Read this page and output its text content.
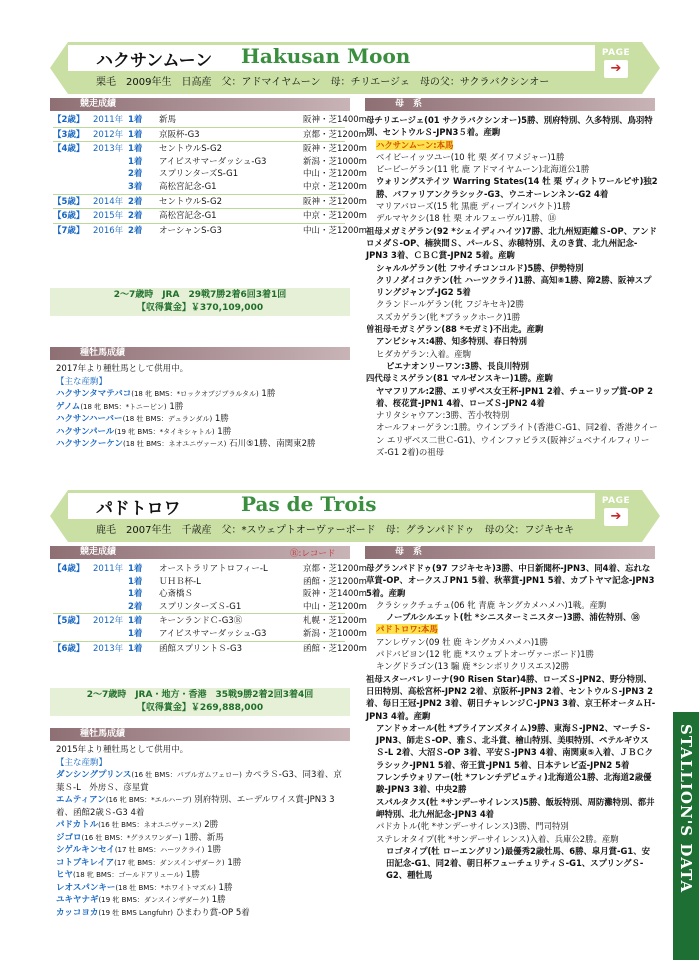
ハクサンムーン Hakusan Moon
栗毛　2009年生　日高産 父：アドマイヤムーン 母：チリエージェ 母の父：サクラバクシンオー
PAGE
➔
競走成績
【2歳】 2011年 1着 新馬	阪神・芝1400m
【3歳】 2012年 1着 京阪杯-G3	京都・芝1200m
【4歳】 2013年 1着 セントウルS-G2	阪神・芝1200m
1着 アイビスサマーダッシュ-G3	新潟・芝1000m
2着 スプリンターズS-G1	中山・芝1200m
3着 高松宮記念-G1	中京・芝1200m
【5歳】 2014年 2着 セントウルS-G2	阪神・芝1200m
【6歳】 2015年 2着 高松宮記念-G1	中京・芝1200m
【7歳】 2016年 2着 オーシャンS-G3	中山・芝1200m
2～7歳時　JRA　29戦7勝2着6回3着1回
【収得賞金】￥370,109,000
種牡馬成績
2017年より種牡馬として供用中。
【主な産駒】
ハクサンタマテバコ(18 牝 BMS：*ロックオブジブラルタル) 1勝
ゲノム(18 牝 BMS：*トニービン) 1勝
ハクサンハーバー(18 牡 BMS：デュランダル) 1勝
ハクサンパール(19 牝 BMS：*タイキシャトル) 1勝
ハクサンクーケン(18 牡 BMS：ネオユニヴァース) 石川⑤1勝、南関東2勝
母　系
母チリエージェ(01 サクラバクシンオー)5勝、別府特別、久多特別、鳥羽特別、セントウルＳ-JPN3５着。産駒
ハクサンムーン:本馬
ベイビーイッツユー(10 牝 栗 ダイワメジャー)1勝
ビービーゲラン(11 牝 鹿 アドマイヤムーン)北海道公1勝
ウォリングステイツ Warring States(14 牡 栗 ヴィクトワールピサ)独2勝、バファリアンクラシック-G3、ウニオーレンネン-G2 4着
マリアバローズ(15 牝 黒鹿 ディープインパクト)1勝
デルマヤクシ(18 牡 栗 オルフェーヴル)1勝、⑱
祖母メガミゲラン(92 *シェイディハイツ)7勝、北九州短距離Ｓ-OP、アンドロメダＳ-OP、楠狭間Ｓ、パールＳ、赤穂特別、えのき賞、北九州記念-JPN3 3着、ＣＢＣ賞-JPN2 5着。産駒
シャルルゲラン(牡 フサイチコンコルド)5勝、伊勢特別
クリノダイコクテン(牡 ハーツクライ)1勝、高知⑧1勝、障2勝、阪神スプリングジャンプ-JG2 5着
クランドールゲラン(牝 フジキセキ)2勝
スズカゲラン(牝 *ブラックホーク)1勝
曽祖母モガミゲラン(88 *モガミ)不出走。産駒
アンビシャス:4勝、知多特別、春日特別
ヒダカゲラン:入着。産駒
ピエナオンリーワン:3勝、長良川特別
四代母ミスゲラン(81 マルゼンスキー)1勝。産駒
ヤマフリアル:2勝、エリザベス女王杯-JPN1 2着、チューリップ賞-OP 2着、桜花賞-JPN1 4着、ローズＳ-JPN2 4着
ナリタシャウアン:3勝、苦小牧特別
オールフォーゲラン:1勝。ウインブライト(香港Ｃ-G1、同2着、香港クイーン エリザベス二世Ｃ-G1)、ウインファビラス(阪神ジュベナイルフィリーズ-G1 2着)の祖母
パドトロワ	Pas de Trois
鹿毛　2007年生　千歳産 父：*スウェプトオーヴァーボード 母：グランパドドゥ 母の父：フジキセキ
PAGE
➔
競走成績	Ⓡ:レコード
【4歳】 2011年 1着 オーストラリアトロフィー-L	京都・芝1200m
1着 ＵＨＢ杯-L	函館・芝1200m
1着 心斎橋Ｓ	阪神・芝1400m
2着 スプリンターズＳ-G1	中山・芝1200m
【5歳】 2012年 1着 キーンランドＣ-G3Ⓡ	札幌・芝1200m
1着 アイビスサマーダッシュ-G3	新潟・芝1000m
【6歳】 2013年 1着 函館スプリントＳ-G3	函館・芝1200m
2～7歳時　JRA・地方・香港　35戦9勝2着2回3着4回
【収得賞金】￥269,888,000
種牡馬成績
2015年より種牡馬として供用中。
【主な産駒】
ダンシングプリンス(16 牡 BMS：パブルガムフェロー) カペラＳ-G3、同3着、京葉Ｓ-L　外房Ｓ、彦星賞
エムティアン(16 牝 BMS：*エルハーブ) 別府特別、エーデルワイス賞-JPN3 3着、函館2歳Ｓ-G3 4着
パドカトル(16 牡 BMS：ネオユニヴァース) 2勝
ジゴロ(16 牡 BMS：*グラスワンダー) 1勝、新馬
シゲルキンセイ(17 牡 BMS：ハーツクライ) 1勝
コトブキレイア(17 牝 BMS：ダンスインザダーク) 1勝
ヒヤ(18 牝 BMS：ゴールドアリュール) 1勝
レオスパンキー(18 牡 BMS：*ホワイトマズル) 1勝
ユキヤナギ(19 牝 BMS：ダンスインザダーク) 1勝
カッコヨカ(19 牡 BMS Langfuhr) ひまわり賞-OP 5着
母　系
母グランパドドゥ(97 フジキセキ)3勝、中日新聞杯-JPN3、同4着、忘れな草賞-OP、オークスＪPN1 5着、秋華賞-JPN1 5着、カブトヤマ記念-JPN3 5着。産駒
クラシックチュチュ(06 牝 青鹿 キングカメハメハ)1戦。産駒
ノーブルシルエット(牡 *シニスターミニスター)3勝、浦佐特別、⑱
パドトロワ:本馬
アンレヴァン(09 牡 鹿 キングカメハメハ)1勝
パドバビヨン(12 牝 鹿 *スウェプトオーヴァーボード)1勝
キングドラゴン(13 騸 鹿 *シンボリクリスエス)2勝
祖母スターバレリーナ(90 Risen Star)4勝、ローズＳ-JPN2、野分特別、日田特別、高松宮杯-JPN2 2着、京阪杯-JPN3 2着、セントウルＳ-JPN3 2着、毎日王冠-JPN2 3着、朝日チャレンジＣ-JPN3 3着、京王杯オータムＨ-JPN3 4着。産駒
アンドゥオール(牡 *ブライアンズタイム)9勝、東海Ｓ-JPN2、マーチＳ-JPN3、師走Ｓ-OP、雅Ｓ、北斗賞、檜山特別、美唄特別、ペテルギウスＳ-L 2着、大沼Ｓ-OP 3着、平安Ｓ-JPN3 4着、南関東⑤入着、ＪＢＣクラシック-JPN1 5着、帝王賞-JPN1 5着、日本テレビ盃-JPN2 5着
フレンチウォリアー(牡 *フレンチデピュティ)北海道公1勝、北海道2歳優駿-JPN3 3着、中央2勝
スパルタクス(牡 *サンデーサイレンス)5勝、飯坂特別、周防灘特別、都井岬特別、北九州記念-JPN3 4着
パドカトル(牝 *サンデーサイレンス)3勝、門司特別
ステレオタイプ(牝 *サンデーサイレンス)入着、兵庫公2勝。産駒
ロゴタイプ(牡 ローエングリン)最優秀2歳牡馬、6勝、皐月賞-G1、安田記念-G1、同2着、朝日杯フューチュリティＳ-G1、スプリングＳ-G2、種牡馬	STALLION'S DATA
